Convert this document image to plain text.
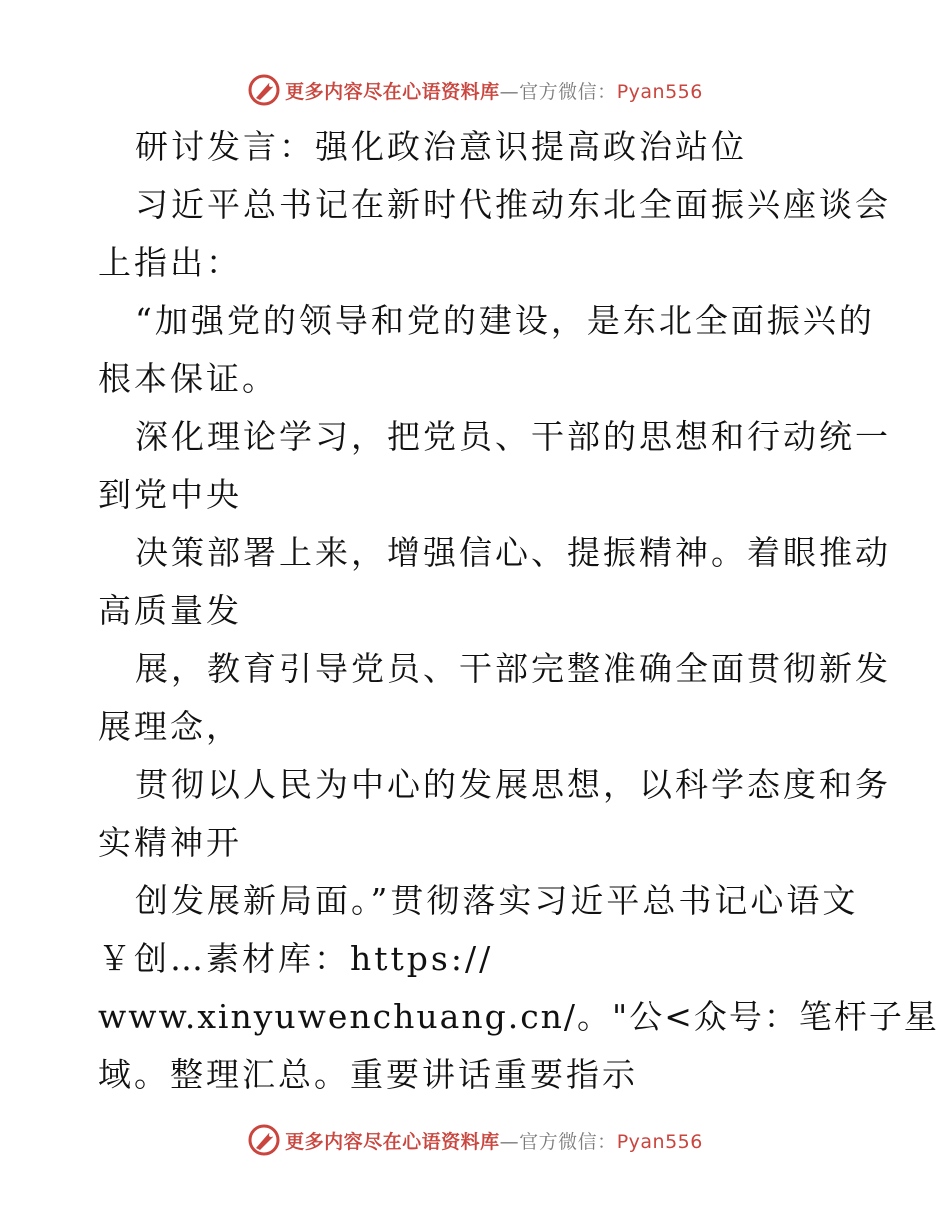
更多内容尽在心语资料库—官方微信：Pyan556
研讨发言：强化政治意识提高政治站位
习近平总书记在新时代推动东北全面振兴座谈会
上指出：
“加强党的领导和党的建设，是东北全面振兴的
根本保证。
深化理论学习，把党员、干部的思想和行动统一
到党中央
决策部署上来，增强信心、提振精神。着眼推动
高质量发
展，教育引导党员、干部完整准确全面贯彻新发
展理念，
贯彻以人民为中心的发展思想，以科学态度和务
实精神开
创发展新局面。”贯彻落实习近平总书记心语文
￥创…素材库：https://
www.xinyuwenchuang.cn/。"公<众号：笔杆子星
域。整理汇总。重要讲话重要指示
更多内容尽在心语资料库—官方微信：Pyan556
